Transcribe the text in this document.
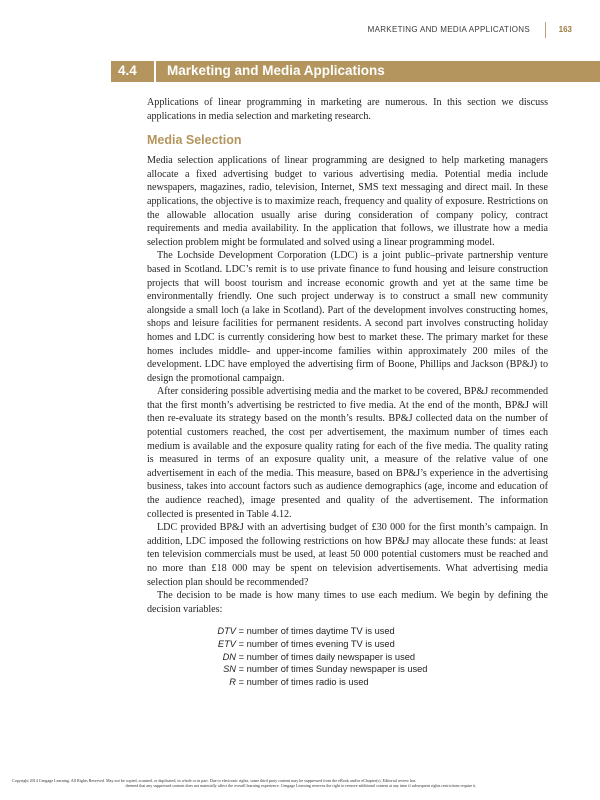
MARKETING AND MEDIA APPLICATIONS	163
4.4 Marketing and Media Applications

Applications of linear programming in marketing are numerous. In this section we discuss applications in media selection and marketing research.

Media Selection

Media selection applications of linear programming are designed to help marketing managers allocate a fixed advertising budget to various advertising media. Potential media include newspapers, magazines, radio, television, Internet, SMS text messaging and direct mail. In these applications, the objective is to maximize reach, frequency and quality of exposure. Restrictions on the allowable allocation usually arise during consideration of company policy, contract requirements and media availability. In the application that follows, we illustrate how a media selection problem might be formulated and solved using a linear programming model.

The Lochside Development Corporation (LDC) is a joint public–private partnership venture based in Scotland. LDC’s remit is to use private finance to fund housing and leisure construction projects that will boost tourism and increase economic growth and yet at the same time be environmentally friendly. One such project underway is to construct a small new community alongside a small loch (a lake in Scotland). Part of the development involves constructing homes, shops and leisure facilities for permanent residents. A second part involves constructing holiday homes and LDC is currently considering how best to market these. The primary market for these homes includes middle- and upper-income families within approximately 200 miles of the development. LDC have employed the advertising firm of Boone, Phillips and Jackson (BP&J) to design the promotional campaign.

After considering possible advertising media and the market to be covered, BP&J recommended that the first month’s advertising be restricted to five media. At the end of the month, BP&J will then re-evaluate its strategy based on the month’s results. BP&J collected data on the number of potential customers reached, the cost per advertisement, the maximum number of times each medium is available and the exposure quality rating for each of the five media. The quality rating is measured in terms of an exposure quality unit, a measure of the relative value of one advertisement in each of the media. This measure, based on BP&J’s experience in the advertising business, takes into account factors such as audience demographics (age, income and education of the audience reached), image presented and quality of the advertisement. The information collected is presented in Table 4.12.

LDC provided BP&J with an advertising budget of £30 000 for the first month’s campaign. In addition, LDC imposed the following restrictions on how BP&J may allocate these funds: at least ten television commercials must be used, at least 50 000 potential customers must be reached and no more than £18 000 may be spent on television advertisements. What advertising media selection plan should be recommended?

The decision to be made is how many times to use each medium. We begin by defining the decision variables:

DTV = number of times daytime TV is used
ETV = number of times evening TV is used
DN = number of times daily newspaper is used
SN = number of times Sunday newspaper is used
R = number of times radio is used
Copyright 2014 Cengage Learning. All Rights Reserved. May not be copied, scanned, or duplicated, in whole or in part. Due to electronic rights, some third party content may be suppressed from the eBook and/or eChapter(s). Editorial review has
deemed that any suppressed content does not materially affect the overall learning experience. Cengage Learning reserves the right to remove additional content at any time if subsequent rights restrictions require it.
